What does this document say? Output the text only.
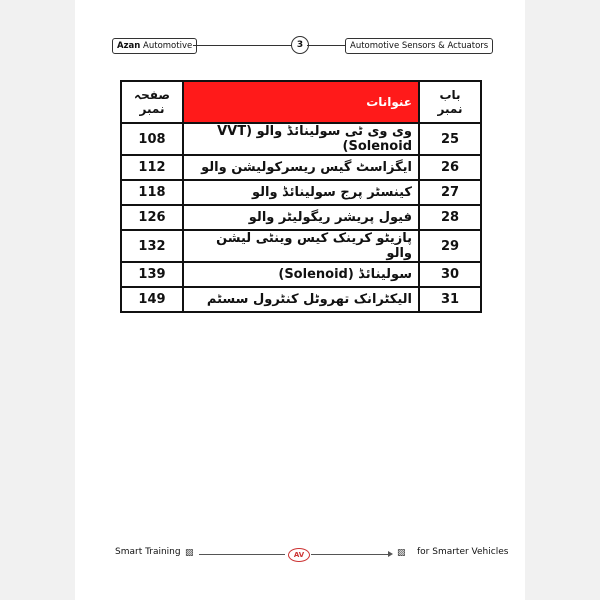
Azan Automotive	3	Automotive Sensors & Actuators
صفحہ نمبر	عنوانات	باب نمبر
108	وی وی ٹی سولینائڈ والو (VVT Solenoid)	25
112	ایگزاسٹ گیس ریسرکولیشن والو	26
118	کینسٹر پرج سولینائڈ والو	27
126	فیول پریشر ریگولیٹر والو	28
132	پازیٹو کرینک کیس وینٹی لیشن والو	29
139	سولینائڈ (Solenoid)	30
149	الیکٹرانک تھروٹل کنٹرول سسٹم	31
Smart Training ▨	AV	▨ for Smarter Vehicles
